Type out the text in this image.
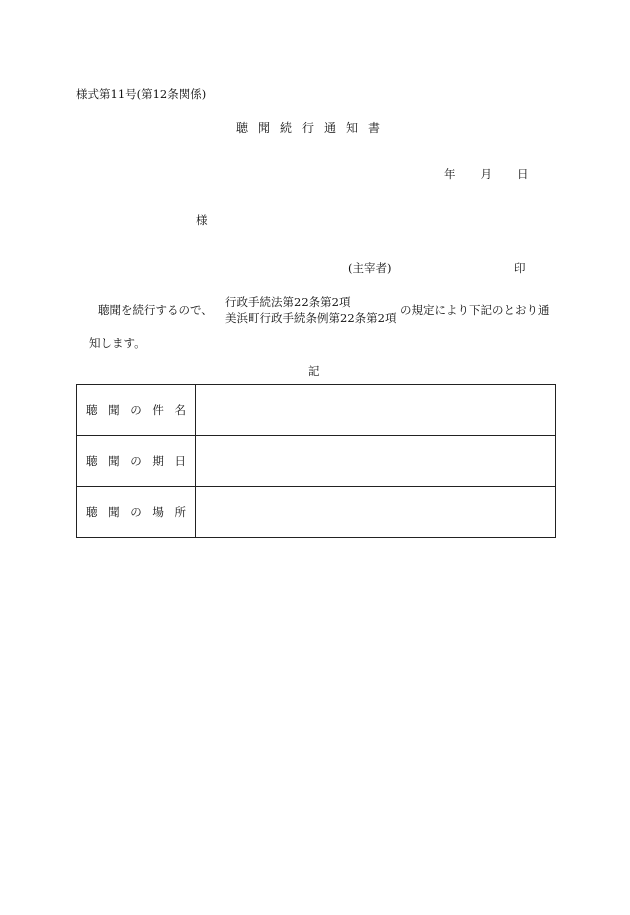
様式第11号(第12条関係)
聴聞続行通知書
年 月 日
様
(主宰者)	印
聴聞を続行するので、
行政手続法第22条第2項
美浜町行政手続条例第22条第2項
の規定により下記のとおり通
知します。
記
聴 聞 の 件 名	

聴 聞 の 期 日	

聴 聞 の 場 所	
